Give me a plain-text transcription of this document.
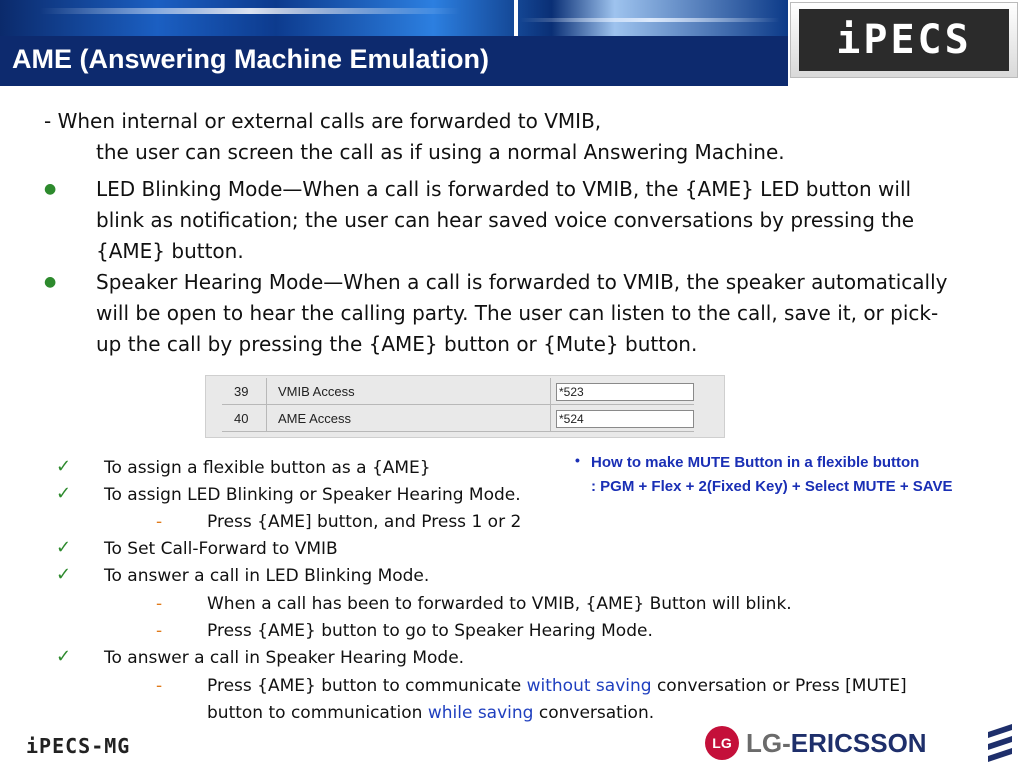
AME (Answering Machine Emulation)	iPECS
- When internal or external calls are forwarded to VMIB,
the user can screen the call as if using a normal Answering Machine.
● LED Blinking Mode—When a call is forwarded to VMIB, the {AME} LED button will blink as notification; the user can hear saved voice conversations by pressing the {AME} button.
● Speaker Hearing Mode—When a call is forwarded to VMIB, the speaker automatically will be open to hear the calling party. The user can listen to the call, save it, or pick-up the call by pressing the {AME} button or {Mute} button.
39 VMIB Access	*523
40 AME Access	*524
• How to make MUTE Button in a flexible button
: PGM + Flex + 2(Fixed Key) + Select MUTE + SAVE
✓ To assign a flexible button as a {AME}
✓ To assign LED Blinking or Speaker Hearing Mode.
-	Press {AME] button, and Press 1 or 2
✓ To Set Call-Forward to VMIB
✓ To answer a call in LED Blinking Mode.
-	When a call has been to forwarded to VMIB, {AME} Button will blink.
-	Press {AME} button to go to Speaker Hearing Mode.
✓ To answer a call in Speaker Hearing Mode.
-	Press {AME} button to communicate without saving conversation or Press [MUTE]
button to communication while saving conversation.
iPECS-MG	LG LG-ERICSSON
